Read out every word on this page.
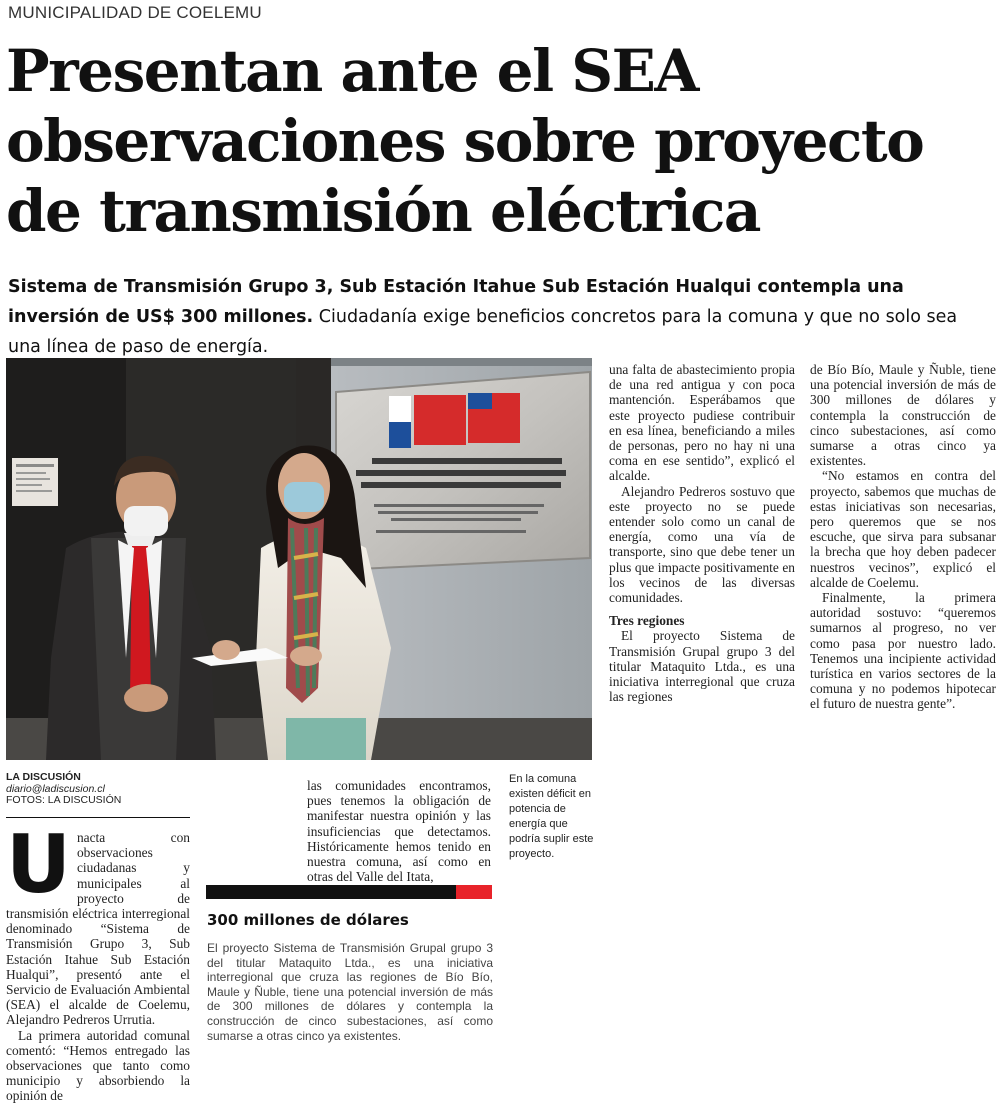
MUNICIPALIDAD DE COELEMU
Presentan ante el SEA
observaciones sobre proyecto
de transmisión eléctrica
Sistema de Transmisión Grupo 3, Sub Estación Itahue Sub Estación Hualqui contempla una inversión de US$ 300 millones. Ciudadanía exige beneficios concretos para la comuna y que no solo sea una línea de paso de energía.
LA DISCUSIÓN
diario@ladiscusion.cl
FOTOS: LA DISCUSIÓN

Unacta con observaciones ciudadanas y municipales al proyecto de transmisión eléctrica interregional denominado “Sistema de Transmisión Grupo 3, Sub Estación Itahue Sub Estación Hualqui”, presentó ante el Servicio de Evaluación Ambiental (SEA) el alcalde de Coelemu, Alejandro Pedreros Urrutia.

La primera autoridad comunal comentó: “Hemos entregado las observaciones que tanto como municipio y absorbiendo la opinión de

las comunidades encontramos, pues tenemos la obligación de manifestar nuestra opinión y las insuficiencias que detectamos. Históricamente hemos tenido en nuestra comuna, así como en otras del Valle del Itata,

En la comuna existen déficit en potencia de energía que podría suplir este proyecto.
300 millones de dólares
El proyecto Sistema de Transmisión Grupal grupo 3 del titular Mataquito Ltda., es una iniciativa interregional que cruza las regiones de Bío Bío, Maule y Ñuble, tiene una potencial inversión de más de 300 millones de dólares y contempla la construcción de cinco subestaciones, así como sumarse a otras cinco ya existentes.

una falta de abastecimiento propia de una red antigua y con poca mantención. Esperábamos que este proyecto pudiese contribuir en esa línea, beneficiando a miles de personas, pero no hay ni una coma en ese sentido”, explicó el alcalde.

Alejandro Pedreros sostuvo que este proyecto no se puede entender solo como un canal de energía, como una vía de transporte, sino que debe tener un plus que impacte positivamente en los vecinos de las diversas comunidades.

Tres regiones

El proyecto Sistema de Transmisión Grupal grupo 3 del titular Mataquito Ltda., es una iniciativa interregional que cruza las regiones

de Bío Bío, Maule y Ñuble, tiene una potencial inversión de más de 300 millones de dólares y contempla la construcción de cinco subestaciones, así como sumarse a otras cinco ya existentes.

“No estamos en contra del proyecto, sabemos que muchas de estas iniciativas son necesarias, pero queremos que se nos escuche, que sirva para subsanar la brecha que hoy deben padecer nuestros vecinos”, explicó el alcalde de Coelemu.

Finalmente, la primera autoridad sostuvo: “queremos sumarnos al progreso, no ver como pasa por nuestro lado. Tenemos una incipiente actividad turística en varios sectores de la comuna y no podemos hipotecar el futuro de nuestra gente”.
